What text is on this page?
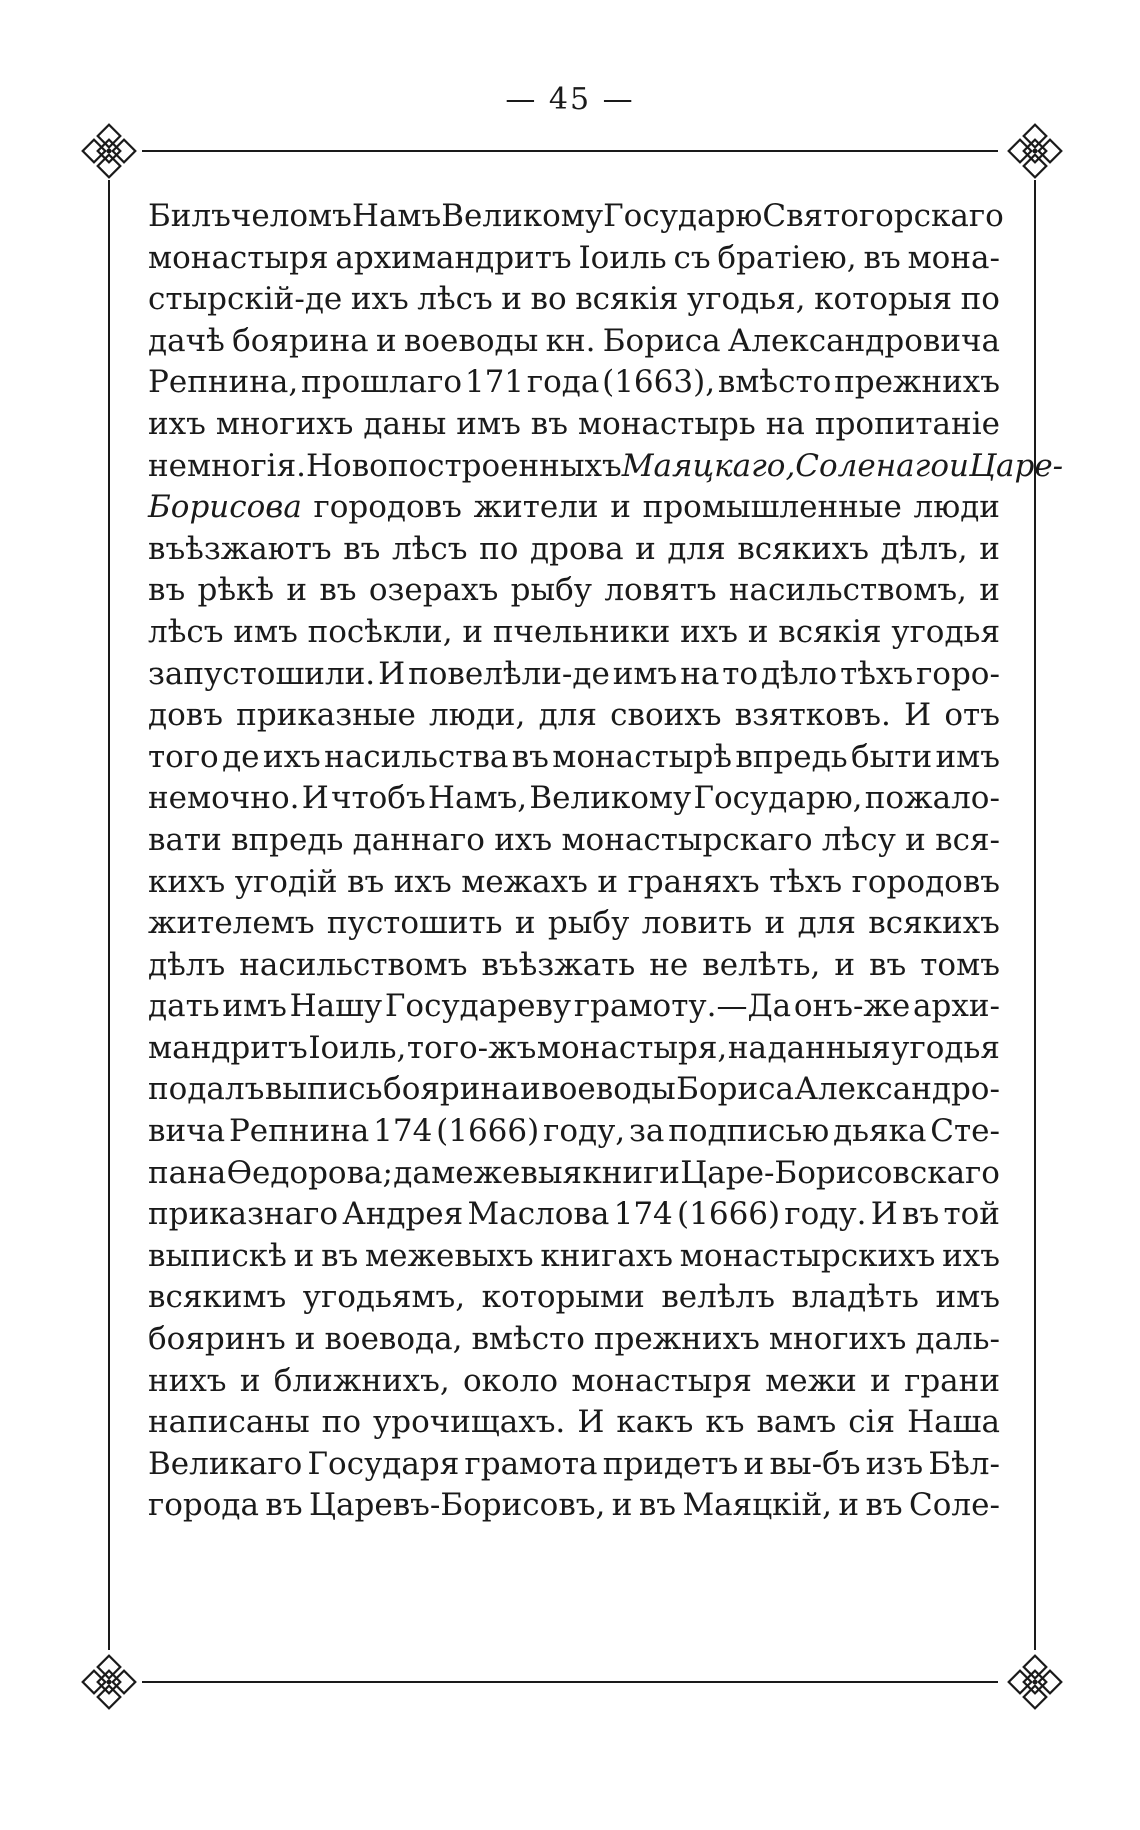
— 45 —
Билъ челомъ Намъ Великому Государю Святогорскаго
монастыря архимандритъ Іоиль съ братіею, въ мона-
стырскій-де ихъ лѣсъ и во всякія угодья, которыя по
дачѣ боярина и воеводы кн. Бориса Александровича
Репнина, прошлаго 171 года (1663), вмѣсто прежнихъ
ихъ многихъ даны имъ въ монастырь на пропитаніе
немногія. Новопостроенныхъ Маяцкаго, Соленаго и Царе-
Борисова городовъ жители и промышленные люди
въѣзжаютъ въ лѣсъ по дрова и для всякихъ дѣлъ, и
въ рѣкѣ и въ озерахъ рыбу ловятъ насильствомъ, и
лѣсъ имъ посѣкли, и пчельники ихъ и всякія угодья
запустошили. И повелѣли-де имъ на то дѣло тѣхъ горо-
довъ приказные люди, для своихъ взятковъ. И отъ
того де ихъ насильства въ монастырѣ впредь быти имъ
немочно. И чтобъ Намъ, Великому Государю, пожало-
вати впредь даннаго ихъ монастырскаго лѣсу и вся-
кихъ угодій въ ихъ межахъ и граняхъ тѣхъ городовъ
жителемъ пустошить и рыбу ловить и для всякихъ
дѣлъ насильствомъ въѣзжать не велѣть, и въ томъ
дать имъ Нашу Государеву грамоту.—Да онъ-же архи-
мандритъ Іоиль, того-жъ монастыря, на данныя угодья
подалъ выпись боярина и воеводы Бориса Александро-
вича Репнина 174 (1666) году, за подписью дьяка Сте-
пана Ѳедорова; да межевыя книги Царе-Борисовскаго
приказнаго Андрея Маслова 174 (1666) году. И въ той
выпискѣ и въ межевыхъ книгахъ монастырскихъ ихъ
всякимъ угодьямъ, которыми велѣлъ владѣть имъ
бояринъ и воевода, вмѣсто прежнихъ многихъ даль-
нихъ и ближнихъ, около монастыря межи и грани
написаны по урочищахъ. И какъ къ вамъ сія Наша
Великаго Государя грамота придетъ и вы-бъ изъ Бѣл-
города въ Царевъ-Борисовъ, и въ Маяцкій, и въ Соле-
